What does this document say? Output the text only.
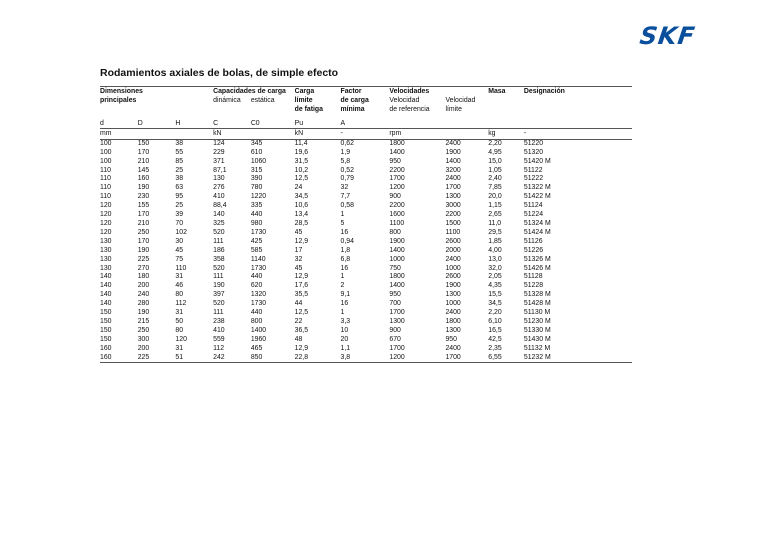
SKF
Rodamientos axiales de bolas, de simple efecto
Dimensiones			Capacidades de carga		Carga	Factor	Velocidades		Masa	Designación	
principales			dinámica	estática	límite	de carga	Velocidad	Velocidad			
					de fatiga	mínima	de referencia	límite			

d	D	H	C	C0	Pu	A					
mm			kN		kN	-	rpm		kg	-	
100	150	38	124	345	11,4	0,62	1800	2400	2,20	51220	
100	170	55	229	610	19,6	1,9	1400	1900	4,95	51320	
100	210	85	371	1060	31,5	5,8	950	1400	15,0	51420 M	
110	145	25	87,1	315	10,2	0,52	2200	3200	1,05	51122	
110	160	38	130	390	12,5	0,79	1700	2400	2,40	51222	
110	190	63	276	780	24	32	1200	1700	7,85	51322 M	
110	230	95	410	1220	34,5	7,7	900	1300	20,0	51422 M	
120	155	25	88,4	335	10,6	0,58	2200	3000	1,15	51124	
120	170	39	140	440	13,4	1	1600	2200	2,65	51224	
120	210	70	325	980	28,5	5	1100	1500	11,0	51324 M	
120	250	102	520	1730	45	16	800	1100	29,5	51424 M	
130	170	30	111	425	12,9	0,94	1900	2600	1,85	51126	
130	190	45	186	585	17	1,8	1400	2000	4,00	51226	
130	225	75	358	1140	32	6,8	1000	2400	13,0	51326 M	
130	270	110	520	1730	45	16	750	1000	32,0	51426 M	
140	180	31	111	440	12,9	1	1800	2600	2,05	51128	
140	200	46	190	620	17,6	2	1400	1900	4,35	51228	
140	240	80	397	1320	35,5	9,1	950	1300	15,5	51328 M	
140	280	112	520	1730	44	16	700	1000	34,5	51428 M	
150	190	31	111	440	12,5	1	1700	2400	2,20	51130 M	
150	215	50	238	800	22	3,3	1300	1800	6,10	51230 M	
150	250	80	410	1400	36,5	10	900	1300	16,5	51330 M	
150	300	120	559	1960	48	20	670	950	42,5	51430 M	
160	200	31	112	465	12,9	1,1	1700	2400	2,35	51132 M	
160	225	51	242	850	22,8	3,8	1200	1700	6,55	51232 M	
